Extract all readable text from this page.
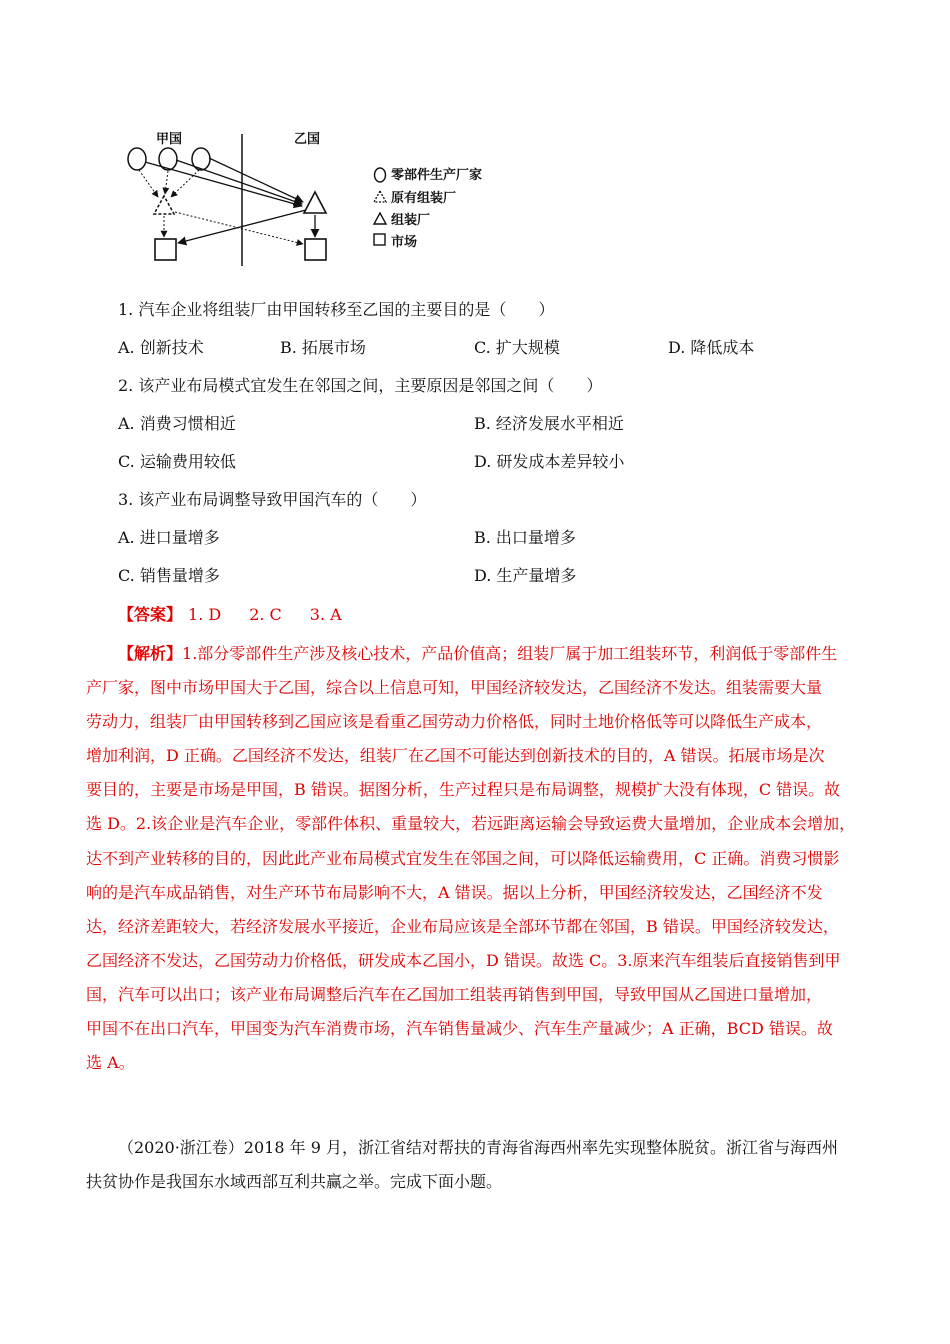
甲国	乙国
零部件生产厂家
原有组装厂
组装厂
市场
1. 汽车企业将组装厂由甲国转移至乙国的主要目的是（　　）
A. 创新技术	B. 拓展市场	C. 扩大规模	D. 降低成本
2. 该产业布局模式宜发生在邻国之间，主要原因是邻国之间（　　）
A. 消费习惯相近	B. 经济发展水平相近
C. 运输费用较低	D. 研发成本差异较小
3. 该产业布局调整导致甲国汽车的（　　）
A. 进口量增多	B. 出口量增多
C. 销售量增多	D. 生产量增多
【答案】 1. D 2. C 3. A
【解析】1.部分零部件生产涉及核心技术，产品价值高；组装厂属于加工组装环节，利润低于零部件生
产厂家，图中市场甲国大于乙国，综合以上信息可知，甲国经济较发达，乙国经济不发达。组装需要大量
劳动力，组装厂由甲国转移到乙国应该是看重乙国劳动力价格低，同时土地价格低等可以降低生产成本，
增加利润，D 正确。乙国经济不发达，组装厂在乙国不可能达到创新技术的目的，A 错误。拓展市场是次
要目的，主要是市场是甲国，B 错误。据图分析，生产过程只是布局调整，规模扩大没有体现，C 错误。故
选 D。2.该企业是汽车企业，零部件体积、重量较大，若远距离运输会导致运费大量增加，企业成本会增加，
达不到产业转移的目的，因此此产业布局模式宜发生在邻国之间，可以降低运输费用，C 正确。消费习惯影
响的是汽车成品销售，对生产环节布局影响不大，A 错误。据以上分析，甲国经济较发达，乙国经济不发
达，经济差距较大，若经济发展水平接近，企业布局应该是全部环节都在邻国，B 错误。甲国经济较发达，
乙国经济不发达，乙国劳动力价格低，研发成本乙国小，D 错误。故选 C。3.原来汽车组装后直接销售到甲
国，汽车可以出口；该产业布局调整后汽车在乙国加工组装再销售到甲国，导致甲国从乙国进口量增加，
甲国不在出口汽车，甲国变为汽车消费市场，汽车销售量减少、汽车生产量减少；A 正确，BCD 错误。故
选 A。
（2020·浙江卷）2018 年 9 月，浙江省结对帮扶的青海省海西州率先实现整体脱贫。浙江省与海西州
扶贫协作是我国东水域西部互利共赢之举。完成下面小题。
